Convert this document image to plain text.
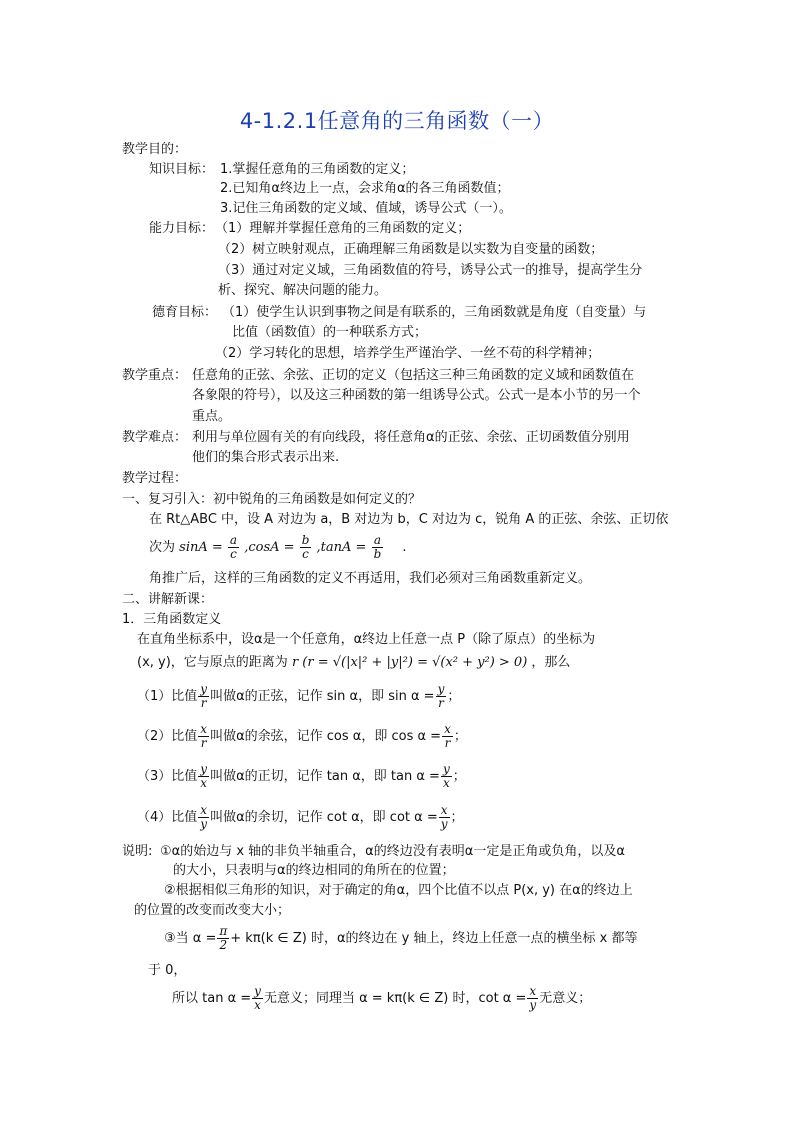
4-1.2.1任意角的三角函数（一）
教学目的：
知识目标： 1.掌握任意角的三角函数的定义；
2.已知角α终边上一点，会求角α的各三角函数值；
3.记住三角函数的定义域、值域，诱导公式（一）。
能力目标： （1）理解并掌握任意角的三角函数的定义；
（2）树立映射观点，正确理解三角函数是以实数为自变量的函数；
（3）通过对定义域，三角函数值的符号，诱导公式一的推导，提高学生分
析、探究、解决问题的能力。
德育目标： （1）使学生认识到事物之间是有联系的，三角函数就是角度（自变量）与
比值（函数值）的一种联系方式；
（2）学习转化的思想，培养学生严谨治学、一丝不苟的科学精神；
教学重点： 任意角的正弦、余弦、正切的定义（包括这三种三角函数的定义域和函数值在
各象限的符号），以及这三种函数的第一组诱导公式。公式一是本小节的另一个
重点。
教学难点： 利用与单位圆有关的有向线段，将任意角α的正弦、余弦、正切函数值分别用
他们的集合形式表示出来.
教学过程：
一、复习引入：初中锐角的三角函数是如何定义的？
在 Rt△ABC 中，设 A 对边为 a，B 对边为 b，C 对边为 c，锐角 A 的正弦、余弦、正切依
次为 $\sin A = \frac{a}{c} ,\cos A = \frac{b}{c} ,\tan A = \frac{a}{b}$ .
角推广后，这样的三角函数的定义不再适用，我们必须对三角函数重新定义。
二、讲解新课：
1．三角函数定义
在直角坐标系中，设α是一个任意角，α终边上任意一点 P（除了原点）的坐标为
(x, y)，它与原点的距离为 r (r = √(|x|² + |y|²) = √(x² + y²) > 0) ，那么
（1）比值 $\frac{y}{r}$ 叫做α的正弦，记作 sin α，即 $\sin \alpha = \frac{y}{r}$ ；
（2）比值 $\frac{x}{r}$ 叫做α的余弦，记作 cos α，即 $\cos \alpha = \frac{x}{r}$ ；
（3）比值 $\frac{y}{x}$ 叫做α的正切，记作 tan α，即 $\tan \alpha = \frac{y}{x}$ ；
（4）比值 $\frac{x}{y}$ 叫做α的余切，记作 cot α，即 $\cot \alpha = \frac{x}{y}$ ；
说明: ①α的始边与 x 轴的非负半轴重合，α的终边没有表明α一定是正角或负角，以及α
的大小，只表明与α的终边相同的角所在的位置；
②根据相似三角形的知识，对于确定的角α，四个比值不以点 P(x, y) 在α的终边上
的位置的改变而改变大小；
③当 $\alpha = \frac{\pi}{2} + k\pi(k$ ∈ Z) 时，α的终边在 y 轴上，终边上任意一点的横坐标 x 都等
于 0，
所以 $\tan \alpha = \frac{y}{x}$ 无意义；同理当 α = kπ(k ∈ Z) 时，$\cot \alpha = \frac{x}{y}$ 无意义；
